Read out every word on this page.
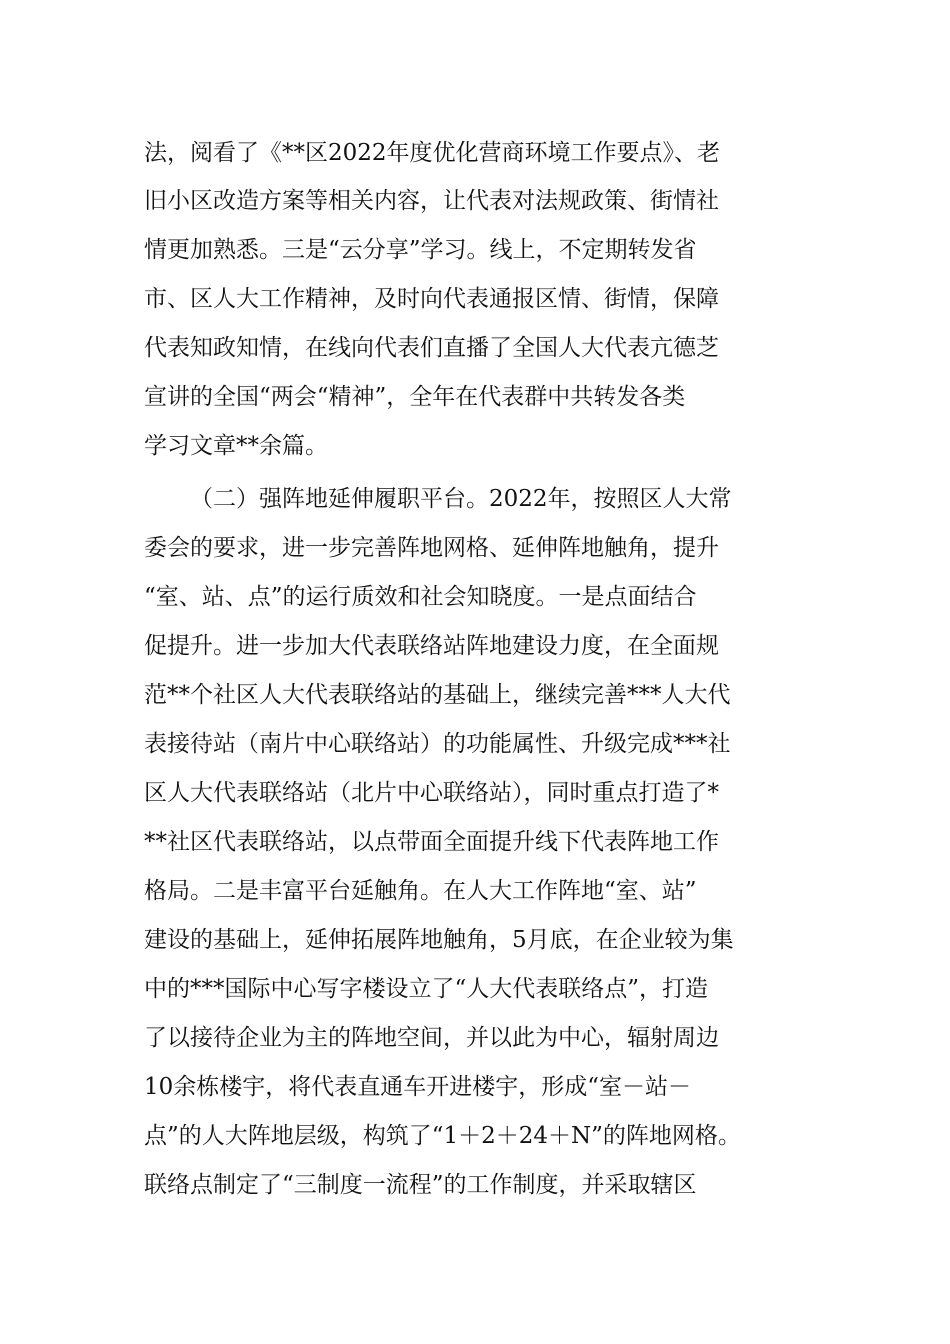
法，阅看了《**区2022年度优化营商环境工作要点》、老
旧小区改造方案等相关内容，让代表对法规政策、街情社
情更加熟悉。三是“云分享”学习。线上，不定期转发省
市、区人大工作精神，及时向代表通报区情、街情，保障
代表知政知情，在线向代表们直播了全国人大代表亢德芝
宣讲的全国“两会“精神”，全年在代表群中共转发各类
学习文章**余篇。
（二）强阵地延伸履职平台。2022年，按照区人大常
委会的要求，进一步完善阵地网格、延伸阵地触角，提升
“室、站、点”的运行质效和社会知晓度。一是点面结合
促提升。进一步加大代表联络站阵地建设力度，在全面规
范**个社区人大代表联络站的基础上，继续完善***人大代
表接待站（南片中心联络站）的功能属性、升级完成***社
区人大代表联络站（北片中心联络站），同时重点打造了*
**社区代表联络站，以点带面全面提升线下代表阵地工作
格局。二是丰富平台延触角。在人大工作阵地“室、站”
建设的基础上，延伸拓展阵地触角，5月底，在企业较为集
中的***国际中心写字楼设立了“人大代表联络点”，打造
了以接待企业为主的阵地空间，并以此为中心，辐射周边
10余栋楼宇，将代表直通车开进楼宇，形成“室－站－
点”的人大阵地层级，构筑了“1＋2＋24＋N”的阵地网格。
联络点制定了“三制度一流程”的工作制度，并采取辖区
